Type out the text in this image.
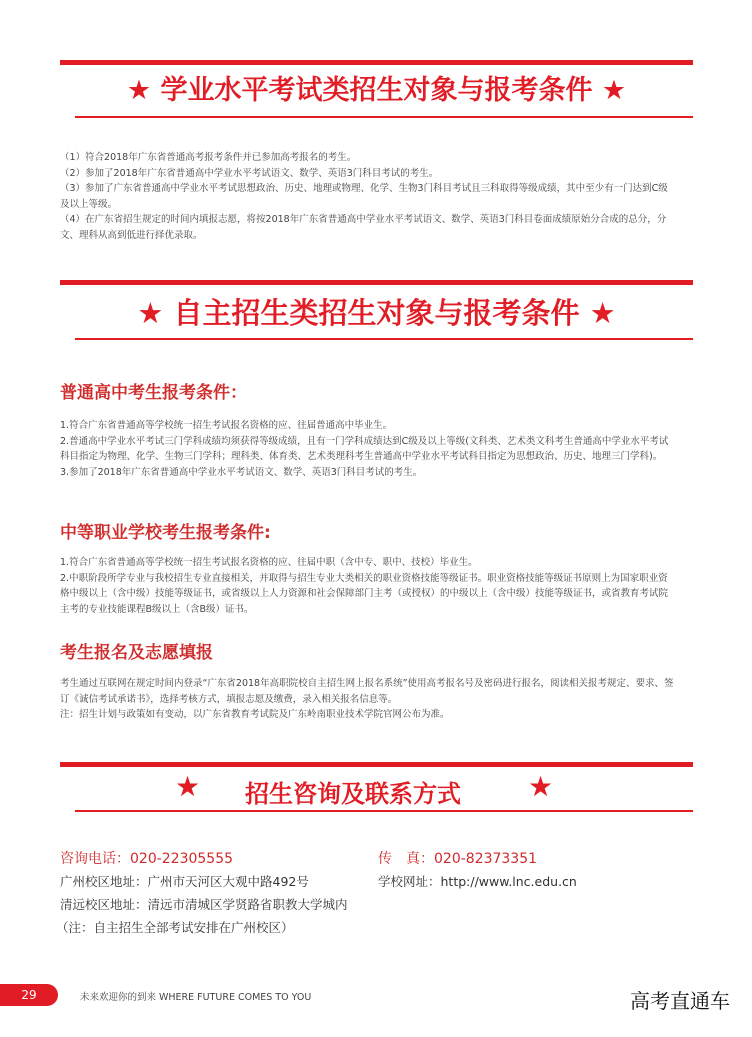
★ 学业水平考试类招生对象与报考条件 ★

（1）符合2018年广东省普通高考报考条件并已参加高考报名的考生。

（2）参加了2018年广东省普通高中学业水平考试语文、数学、英语3门科目考试的考生。

（3）参加了广东省普通高中学业水平考试思想政治、历史、地理或物理、化学、生物3门科目考试且三科取得等级成绩，其中至少有一门达到C级及以上等级。

（4）在广东省招生规定的时间内填报志愿，将按2018年广东省普通高中学业水平考试语文、数学、英语3门科目卷面成绩原始分合成的总分，分文、理科从高到低进行择优录取。

★ 自主招生类招生对象与报考条件 ★
普通高中考生报考条件：

1.符合广东省普通高等学校统一招生考试报名资格的应、往届普通高中毕业生。

2.普通高中学业水平考试三门学科成绩均须获得等级成绩，且有一门学科成绩达到C级及以上等级(文科类、艺术类文科考生普通高中学业水平考试科目指定为物理、化学、生物三门学科；理科类、体育类、艺术类理科考生普通高中学业水平考试科目指定为思想政治、历史、地理三门学科)。

3.参加了2018年广东省普通高中学业水平考试语文、数学、英语3门科目考试的考生。

中等职业学校考生报考条件:

1.符合广东省普通高等学校统一招生考试报名资格的应、往届中职（含中专、职中、技校）毕业生。

2.中职阶段所学专业与我校招生专业直接相关，并取得与招生专业大类相关的职业资格技能等级证书。职业资格技能等级证书原则上为国家职业资格中级以上（含中级）技能等级证书，或省级以上人力资源和社会保障部门主考（或授权）的中级以上（含中级）技能等级证书，或省教育考试院主考的专业技能课程B级以上（含B级）证书。

考生报名及志愿填报

考生通过互联网在规定时间内登录“广东省2018年高职院校自主招生网上报名系统”使用高考报名号及密码进行报名，阅读相关报考规定、要求、签订《诚信考试承诺书》，选择考核方式，填报志愿及缴费，录入相关报名信息等。

注：招生计划与政策如有变动，以广东省教育考试院及广东岭南职业技术学院官网公布为准。

★ 招生咨询及联系方式 ★
咨询电话：020-22305555	传　真：020-82373351
广州校区地址：广州市天河区大观中路492号	学校网址：http://www.lnc.edu.cn
清远校区地址：清远市清城区学贤路省职教大学城内
（注：自主招生全部考试安排在广州校区）
29	未来欢迎你的到来 WHERE FUTURE COMES TO YOU	高考直通车
